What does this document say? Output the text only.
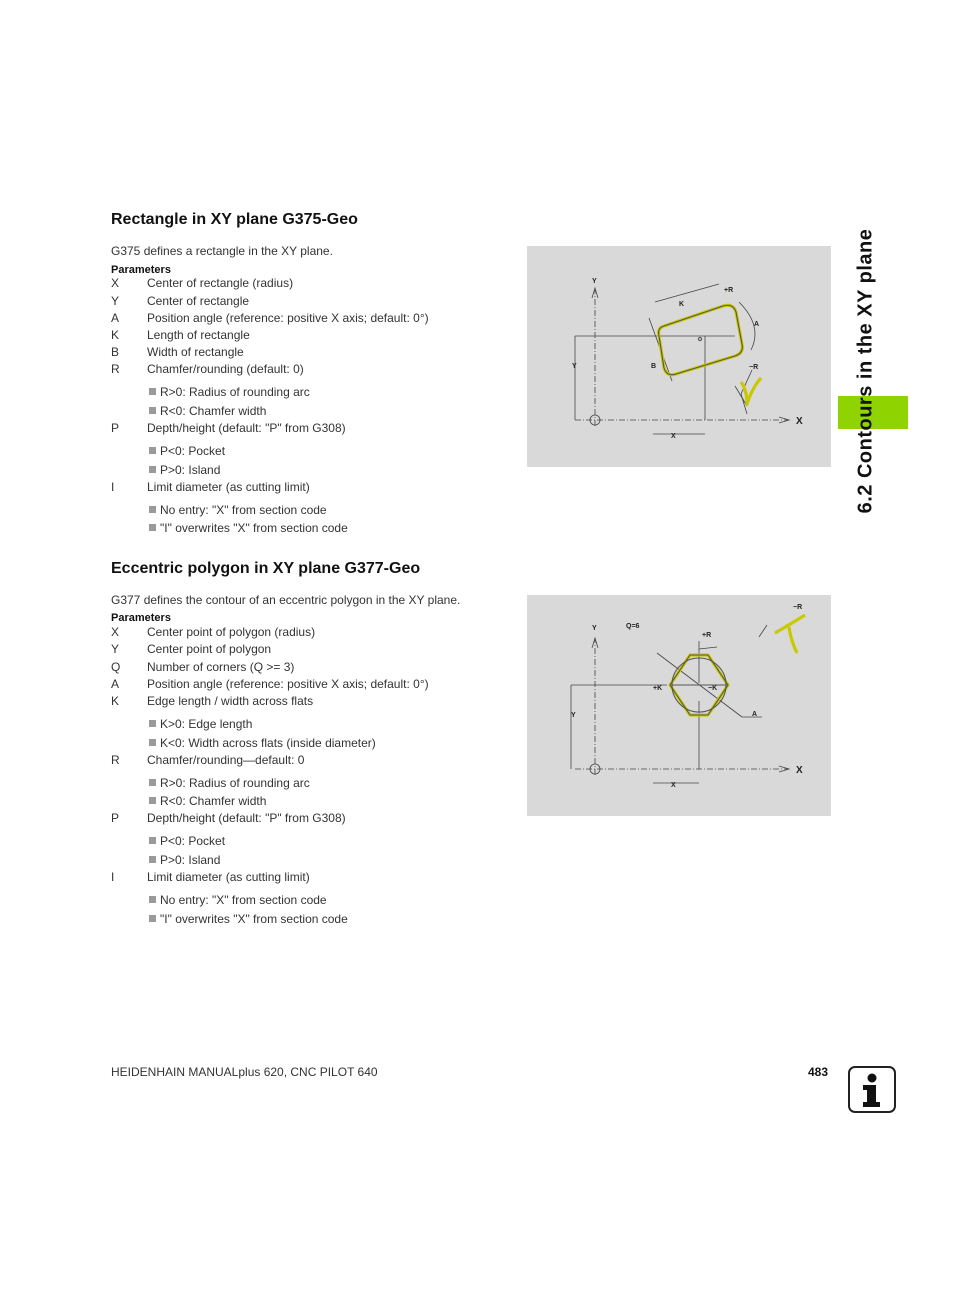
Rectangle in XY plane G375-Geo
G375 defines a rectangle in the XY plane.
Parameters
X Center of rectangle (radius)
Y Center of rectangle
A Position angle (reference: positive X axis; default: 0°)
K Length of rectangle
B Width of rectangle
R Chamfer/rounding (default: 0)
R>0: Radius of rounding arc
R<0: Chamfer width
P Depth/height (default: "P" from G308)
P<0: Pocket
P>0: Island
I	Limit diameter (as cutting limit)
No entry: "X" from section code
"I" overwrites "X" from section code
Y
+R
K
A
B
Y	−R
X
X
Eccentric polygon in XY plane G377-Geo
G377 defines the contour of an eccentric polygon in the XY plane.
Parameters
X Center point of polygon (radius)
Y Center point of polygon
Q Number of corners (Q >= 3)
A Position angle (reference: positive X axis; default: 0°)
K Edge length / width across flats
K>0: Edge length
K<0: Width across flats (inside diameter)
R Chamfer/rounding—default: 0
R>0: Radius of rounding arc
R<0: Chamfer width
P Depth/height (default: "P" from G308)
P<0: Pocket
P>0: Island
I	Limit diameter (as cutting limit)
No entry: "X" from section code
"I" overwrites "X" from section code
−R
Y	Q=6
+R
+K	−K
A
Y
X
X
6.2 Contours in the XY plane
HEIDENHAIN MANUALplus 620, CNC PILOT 640	483
